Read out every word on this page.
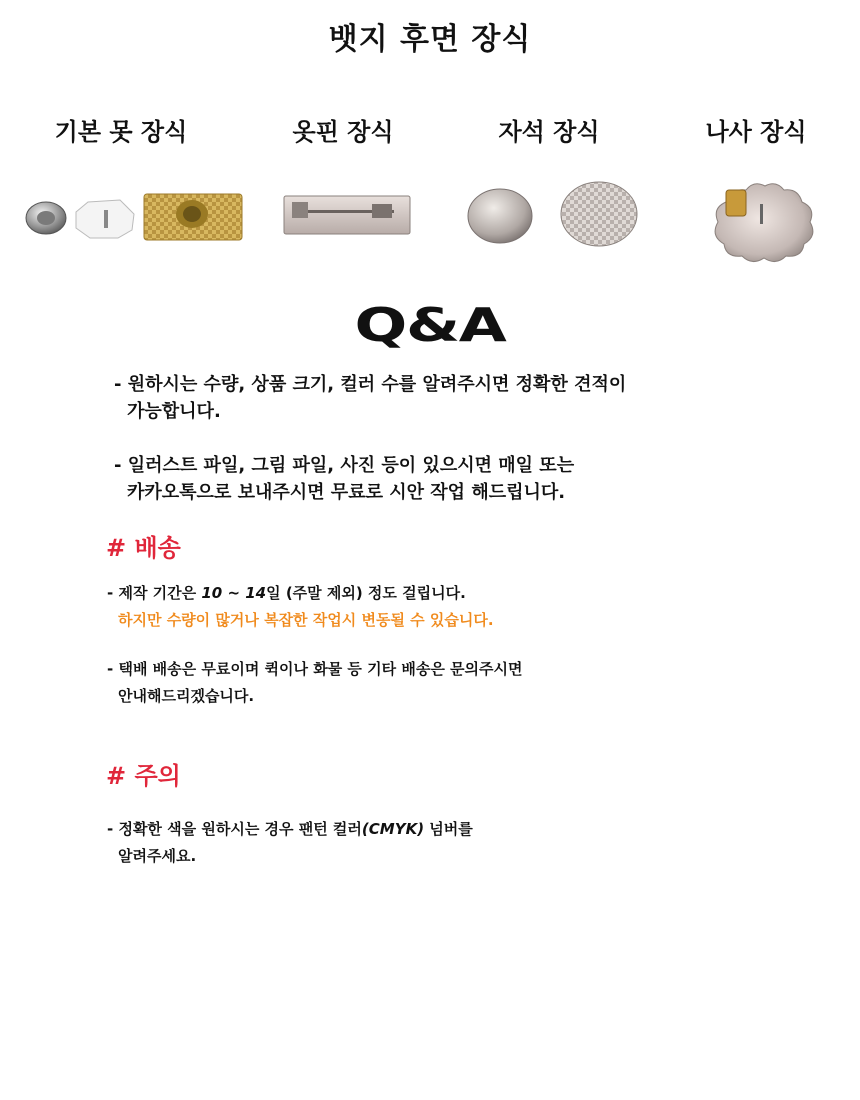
뱃지 후면 장식
기본 못 장식	옷핀 장식	자석 장식	나사 장식
Q&A
- 원하시는 수량, 상품 크기, 컬러 수를 알려주시면 정확한 견적이
가능합니다.
- 일러스트 파일, 그림 파일, 사진 등이 있으시면 매일 또는
카카오톡으로 보내주시면 무료로 시안 작업 해드립니다.
# 배송
- 제작 기간은 10 ~ 14일 (주말 제외) 정도 걸립니다.
하지만 수량이 많거나 복잡한 작업시 변동될 수 있습니다.
- 택배 배송은 무료이며 퀵이나 화물 등 기타 배송은 문의주시면
안내해드리겠습니다.
# 주의
- 정확한 색을 원하시는 경우 팬턴 컬러(CMYK) 넘버를
알려주세요.
